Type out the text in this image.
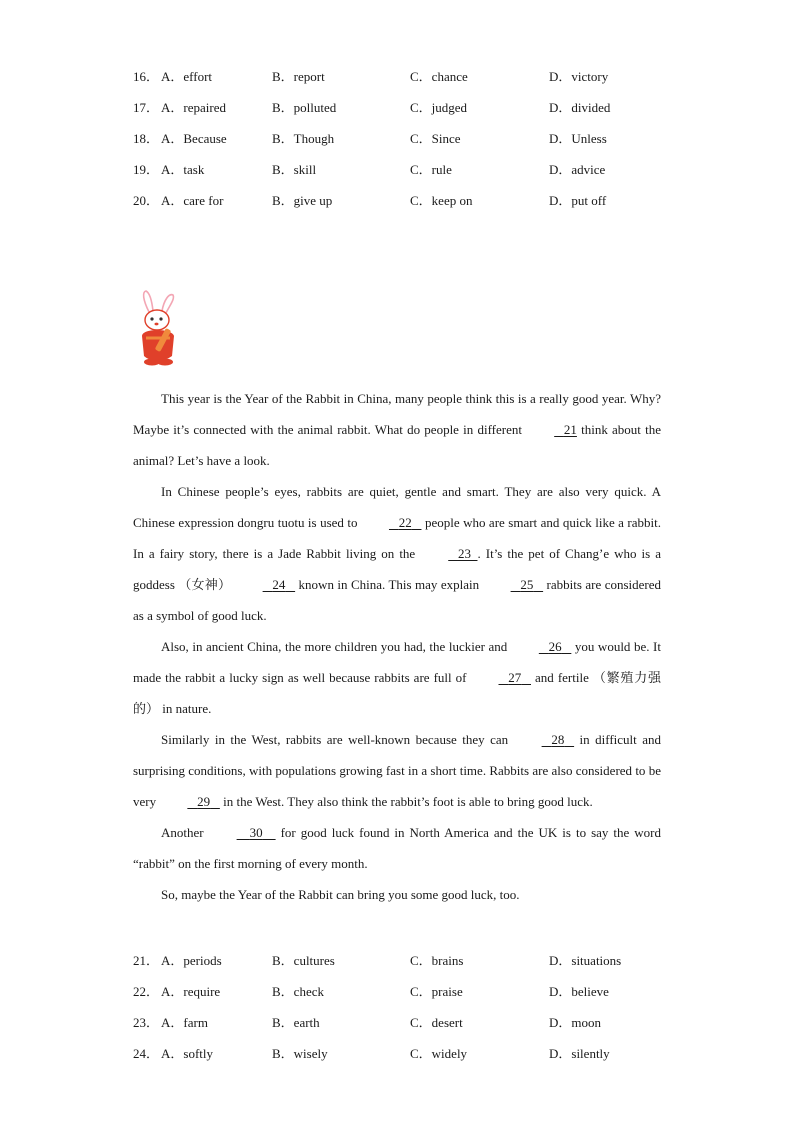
16． A．effort	B．report	C．chance	D．victory
17． A．repaired	B．polluted	C．judged	D．divided
18． A．Because	B．Though	C．Since	D．Unless
19． A．task	B．skill	C．rule	D．advice
20． A．care for	B．give up	C．keep on	D．put off

This year is the Year of the Rabbit in China, many people think this is a really good year. Why? Maybe it’s connected with the animal rabbit. What do people in different	21 think about the animal? Let’s have a look.

In Chinese people’s eyes, rabbits are quiet, gentle and smart. They are also very quick. A Chinese expression dongru tuotu is used to	22    people who are smart and quick like a rabbit. In a fairy story, there is a Jade Rabbit living on the	23 . It’s the pet of Chang’e who is a goddess （女神）	24    known in China. This may explain	25    rabbits are considered as a symbol of good luck.

Also, in ancient China, the more children you had, the luckier and	26    you would be. It made the rabbit a lucky sign as well because rabbits are full of	27    and fertile （繁殖力强的） in nature.

Similarly in the West, rabbits are well-known because they can	28    in difficult and surprising conditions, with populations growing fast in a short time. Rabbits are also considered to be very	29    in the West. They also think the rabbit’s foot is able to bring good luck.

Another	30     for good luck found in North America and the UK is to say the word “rabbit” on the first morning of every month.

So, maybe the Year of the Rabbit can bring you some good luck, too.

21． A．periods	B．cultures	C．brains	D．situations
22． A．require	B．check	C．praise	D．believe
23． A．farm	B．earth	C．desert	D．moon
24． A．softly	B．wisely	C．widely	D．silently
